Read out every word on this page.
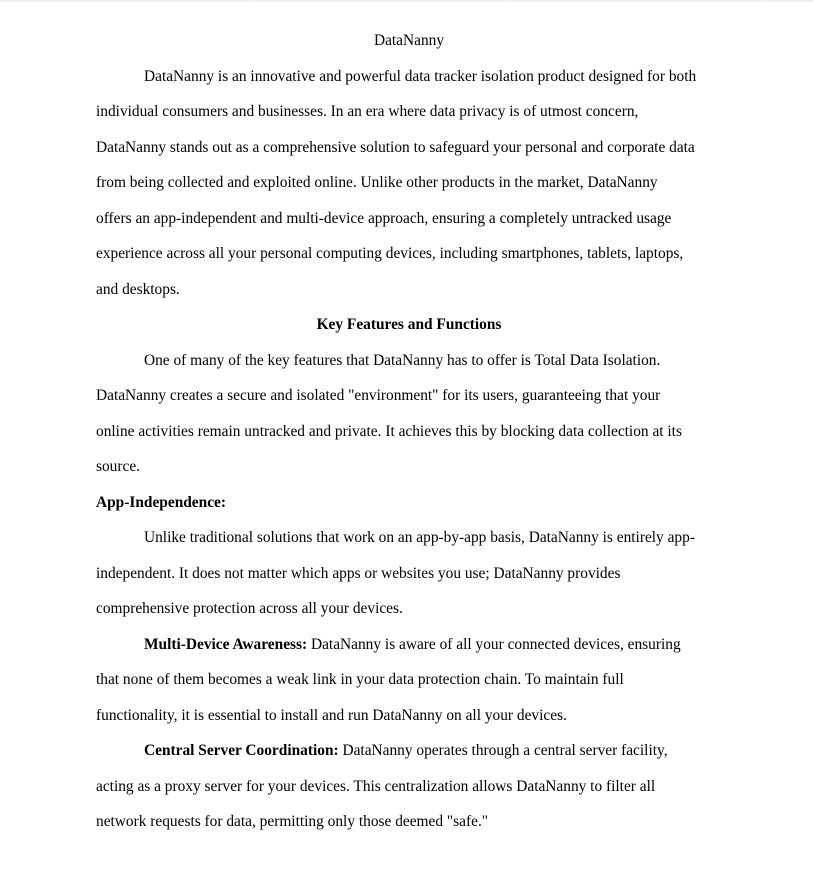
DataNanny
DataNanny is an innovative and powerful data tracker isolation product designed for both
individual consumers and businesses. In an era where data privacy is of utmost concern,
DataNanny stands out as a comprehensive solution to safeguard your personal and corporate data
from being collected and exploited online. Unlike other products in the market, DataNanny
offers an app-independent and multi-device approach, ensuring a completely untracked usage
experience across all your personal computing devices, including smartphones, tablets, laptops,
and desktops.
Key Features and Functions
One of many of the key features that DataNanny has to offer is Total Data Isolation.
DataNanny creates a secure and isolated "environment" for its users, guaranteeing that your
online activities remain untracked and private. It achieves this by blocking data collection at its
source.
App-Independence:
Unlike traditional solutions that work on an app-by-app basis, DataNanny is entirely app-
independent. It does not matter which apps or websites you use; DataNanny provides
comprehensive protection across all your devices.
Multi-Device Awareness: DataNanny is aware of all your connected devices, ensuring
that none of them becomes a weak link in your data protection chain. To maintain full
functionality, it is essential to install and run DataNanny on all your devices.
Central Server Coordination: DataNanny operates through a central server facility,
acting as a proxy server for your devices. This centralization allows DataNanny to filter all
network requests for data, permitting only those deemed "safe."
